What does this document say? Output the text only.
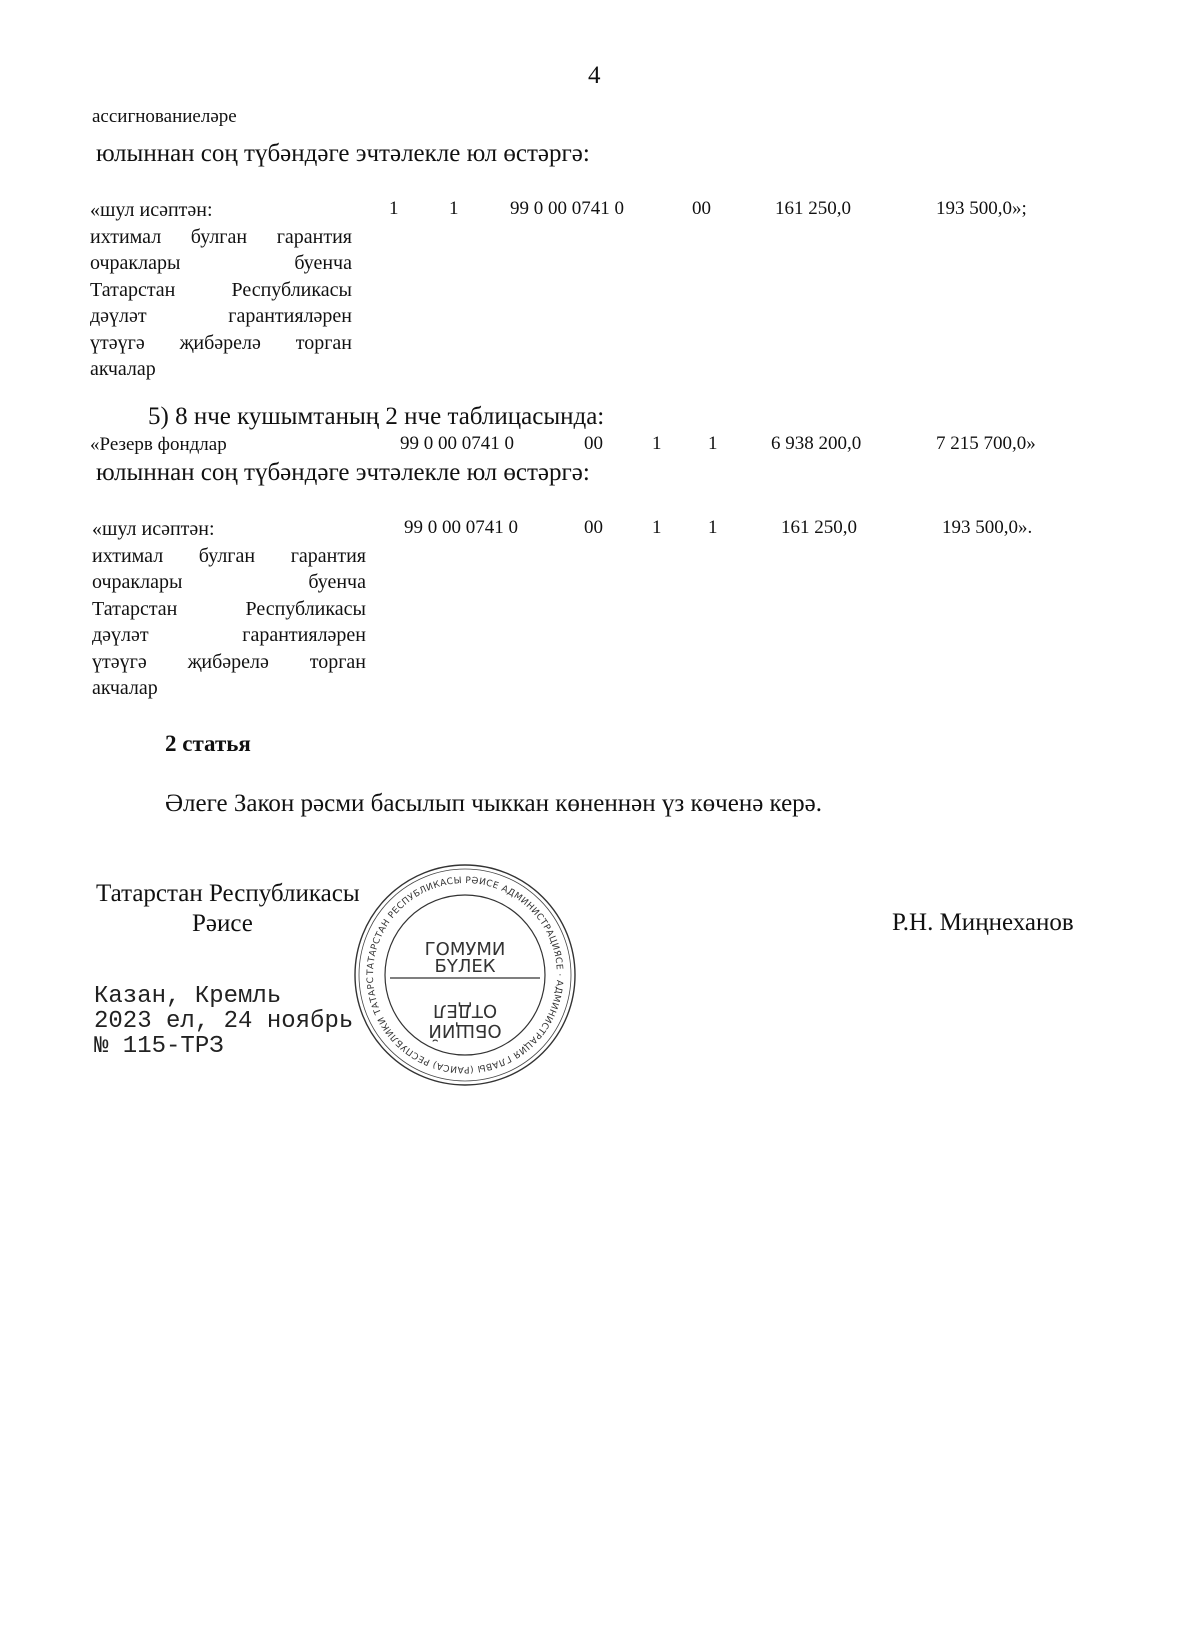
4
ассигнованиеләре
юлыннан соң түбәндәге эчтәлекле юл өстәргә:
«шул исәптән:
ихтимал булган гарантия
очраклары буенча
Татарстан Республикасы
дәүләт гарантияләрен
үтәүгә җибәрелә торган
акчалар
1	1	99 0 00 0741 0	00	161 250,0	193 500,0»;
5) 8 нче кушымтаның 2 нче таблицасында:
«Резерв фондлар	99 0 00 0741 0	00	1 1	6 938 200,0	7 215 700,0»
юлыннан соң түбәндәге эчтәлекле юл өстәргә:
«шул исәптән:
ихтимал булган гарантия
очраклары буенча
Татарстан Республикасы
дәүләт гарантияләрен
үтәүгә җибәрелә торган
акчалар
99 0 00 0741 0	00	1 1	161 250,0	193 500,0».
2 статья
Әлеге Закон рәсми басылып чыккан көненнән үз көченә керә.
Татарстан Республикасы
Рәисе	Р.Н. Миңнеханов
Казан, Кремль
2023 ел, 24 ноябрь
№ 115-ТРЗ
ТАТАРСТАН РЕСПУБЛИКАСЫ РӘИСЕ АДМИНИСТРАЦИЯСЕ · АДМИНИСТРАЦИЯ ГЛАВЫ (РАИСА) РЕСПУБЛИКИ ТАТАРС
ГОМУМИ
БҮЛЕК
ОТДЕЛ
ОБЩИЙ
